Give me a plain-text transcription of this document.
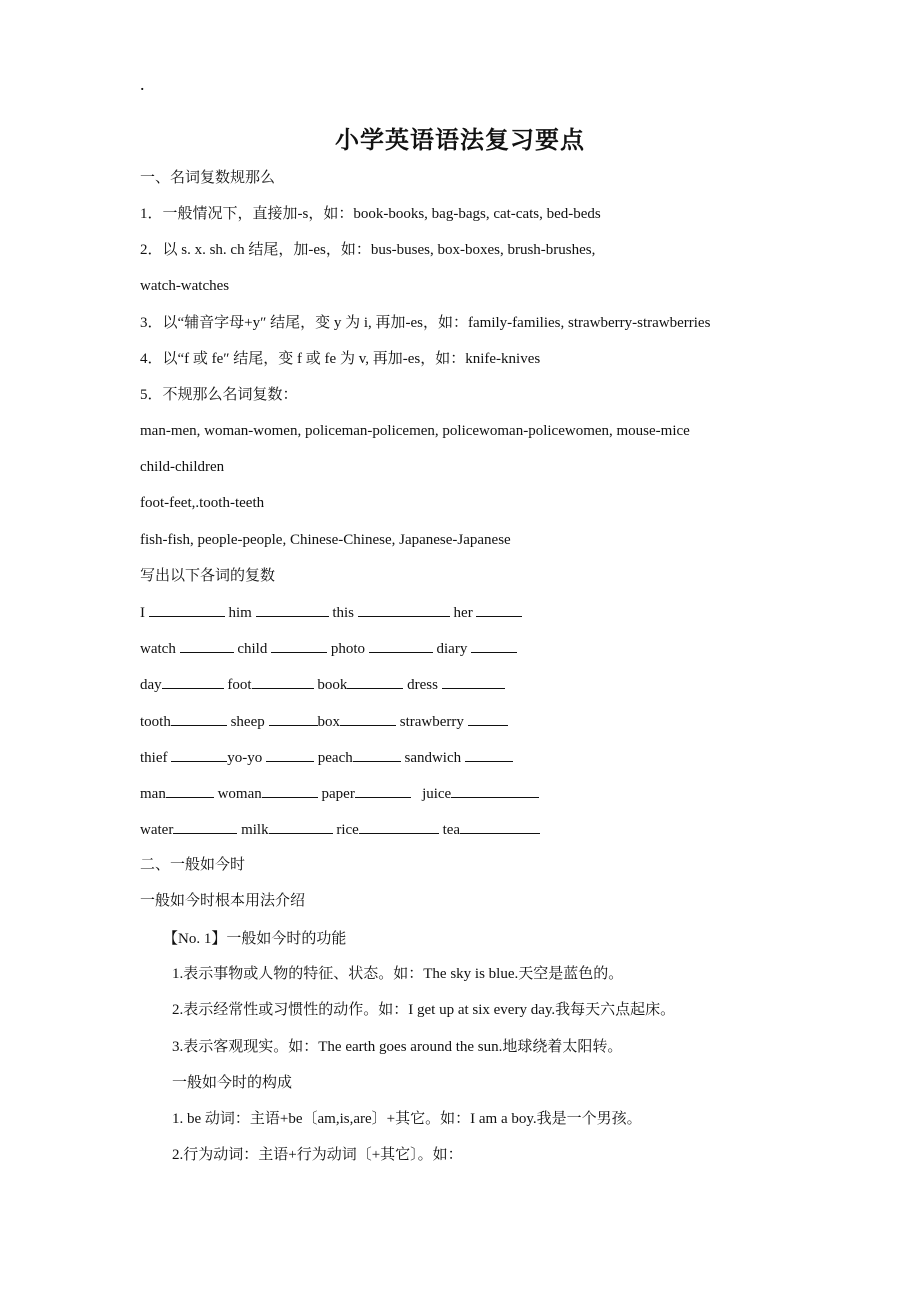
.
小学英语语法复习要点
一、名词复数规那么
1．一般情况下，直接加-s，如：book-books, bag-bags, cat-cats, bed-beds
2．以 s. x. sh. ch 结尾，加-es，如：bus-buses, box-boxes, brush-brushes,
watch-watches
3．以“辅音字母+y″ 结尾，变 y 为 i, 再加-es，如：family-families, strawberry-strawberries
4．以“f 或 fe″ 结尾，变 f 或 fe 为 v, 再加-es，如：knife-knives
5．不规那么名词复数：
man-men, woman-women, policeman-policemen, policewoman-policewomen, mouse-mice
child-children
foot-feet,.tooth-teeth
fish-fish, people-people, Chinese-Chinese, Japanese-Japanese
写出以下各词的复数
I	him	this	her
watch	child	photo	diary
day	foot	book	dress
tooth	sheep	box	strawberry
thief	yo-yo	peach	sandwich
man	woman	paper	juice
water	milk	rice	tea
二、一般如今时
一般如今时根本用法介绍
【No. 1】一般如今时的功能
1.表示事物或人物的特征、状态。如：The sky is blue.天空是蓝色的。
2.表示经常性或习惯性的动作。如：I get up at six every day.我每天六点起床。
3.表示客观现实。如：The earth goes around the sun.地球绕着太阳转。
一般如今时的构成
1. be 动词：主语+be〔am,is,are〕+其它。如：I am a boy.我是一个男孩。
2.行为动词：主语+行为动词〔+其它〕。如：
